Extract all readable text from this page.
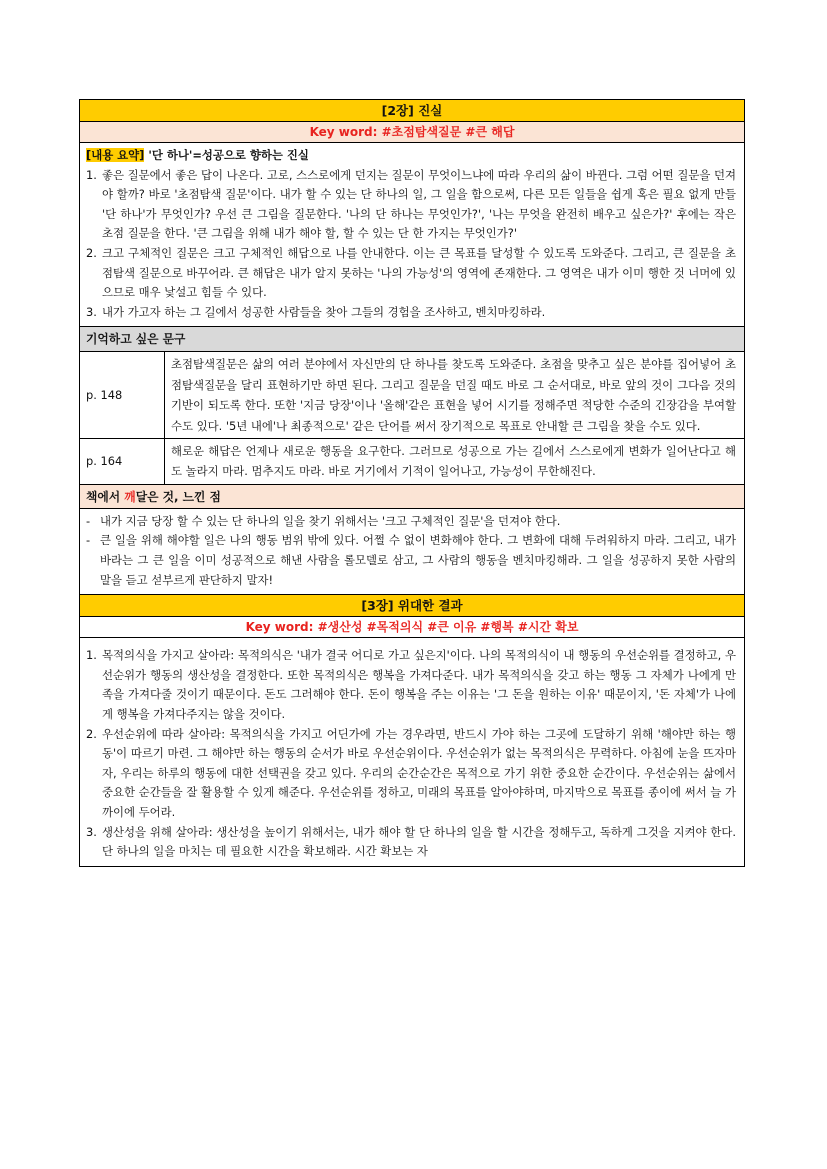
[2장] 진실
Key word: #초점탐색질문 #큰 해답
[내용 요약] '단 하나'=성공으로 향하는 진실
1. 좋은 질문에서 좋은 답이 나온다. 고로, 스스로에게 던지는 질문이 무엇이느냐에 따라 우리의 삶이 바뀐다. 그럼 어떤 질문을 던져야 할까? 바로 '초점탐색 질문'이다. 내가 할 수 있는 단 하나의 일, 그 일을 함으로써, 다른 모든 일들을 쉽게 혹은 필요 없게 만들 '단 하나'가 무엇인가? 우선 큰 그림을 질문한다. '나의 단 하나는 무엇인가?', '나는 무엇을 완전히 배우고 싶은가?' 후에는 작은 초점 질문을 한다. '큰 그림을 위해 내가 해야 할, 할 수 있는 단 한 가지는 무엇인가?'
2. 크고 구체적인 질문은 크고 구체적인 해답으로 나를 안내한다. 이는 큰 목표를 달성할 수 있도록 도와준다. 그리고, 큰 질문을 초점탐색 질문으로 바꾸어라. 큰 해답은 내가 알지 못하는 '나의 가능성'의 영역에 존재한다. 그 영역은 내가 이미 행한 것 너머에 있으므로 매우 낯설고 힘들 수 있다.
3. 내가 가고자 하는 그 길에서 성공한 사람들을 찾아 그들의 경험을 조사하고, 벤치마킹하라.
기억하고 싶은 문구
p. 148
초점탐색질문은 삶의 여러 분야에서 자신만의 단 하나를 찾도록 도와준다. 초점을 맞추고 싶은 분야를 집어넣어 초점탐색질문을 달리 표현하기만 하면 된다. 그리고 질문을 던질 때도 바로 그 순서대로, 바로 앞의 것이 그다음 것의 기반이 되도록 한다. 또한 '지금 당장'이나 '올해'같은 표현을 넣어 시기를 정해주면 적당한 수준의 긴장감을 부여할 수도 있다. '5년 내에'나 최종적으로' 같은 단어를 써서 장기적으로 목표로 안내할 큰 그림을 찾을 수도 있다.
p. 164
해로운 해답은 언제나 새로운 행동을 요구한다. 그러므로 성공으로 가는 길에서 스스로에게 변화가 일어난다고 해도 놀라지 마라. 멈추지도 마라. 바로 거기에서 기적이 일어나고, 가능성이 무한해진다.
책에서 깨달은 것, 느낀 점
- 내가 지금 당장 할 수 있는 단 하나의 일을 찾기 위해서는 '크고 구체적인 질문'을 던져야 한다.
- 큰 일을 위해 해야할 일은 나의 행동 범위 밖에 있다. 어쩔 수 없이 변화해야 한다. 그 변화에 대해 두려워하지 마라. 그리고, 내가 바라는 그 큰 일을 이미 성공적으로 해낸 사람을 롤모델로 삼고, 그 사람의 행동을 벤치마킹해라. 그 일을 성공하지 못한 사람의 말을 듣고 섣부르게 판단하지 말자!
[3장] 위대한 결과
Key word: #생산성 #목적의식 #큰 이유 #행복 #시간 확보
1. 목적의식을 가지고 살아라: 목적의식은 '내가 결국 어디로 가고 싶은지'이다. 나의 목적의식이 내 행동의 우선순위를 결정하고, 우선순위가 행동의 생산성을 결정한다. 또한 목적의식은 행복을 가져다준다. 내가 목적의식을 갖고 하는 행동 그 자체가 나에게 만족을 가져다줄 것이기 때문이다. 돈도 그러해야 한다. 돈이 행복을 주는 이유는 '그 돈을 원하는 이유' 때문이지, '돈 자체'가 나에게 행복을 가져다주지는 않을 것이다.
2. 우선순위에 따라 살아라: 목적의식을 가지고 어딘가에 가는 경우라면, 반드시 가야 하는 그곳에 도달하기 위해 '해야만 하는 행동'이 따르기 마련. 그 해야만 하는 행동의 순서가 바로 우선순위이다. 우선순위가 없는 목적의식은 무력하다. 아침에 눈을 뜨자마자, 우리는 하루의 행동에 대한 선택권을 갖고 있다. 우리의 순간순간은 목적으로 가기 위한 중요한 순간이다. 우선순위는 삶에서 중요한 순간들을 잘 활용할 수 있게 해준다. 우선순위를 정하고, 미래의 목표를 알아야하며, 마지막으로 목표를 종이에 써서 늘 가까이에 두어라.
3. 생산성을 위해 살아라: 생산성을 높이기 위해서는, 내가 해야 할 단 하나의 일을 할 시간을 정해두고, 독하게 그것을 지켜야 한다. 단 하나의 일을 마치는 데 필요한 시간을 확보해라. 시간 확보는 자
